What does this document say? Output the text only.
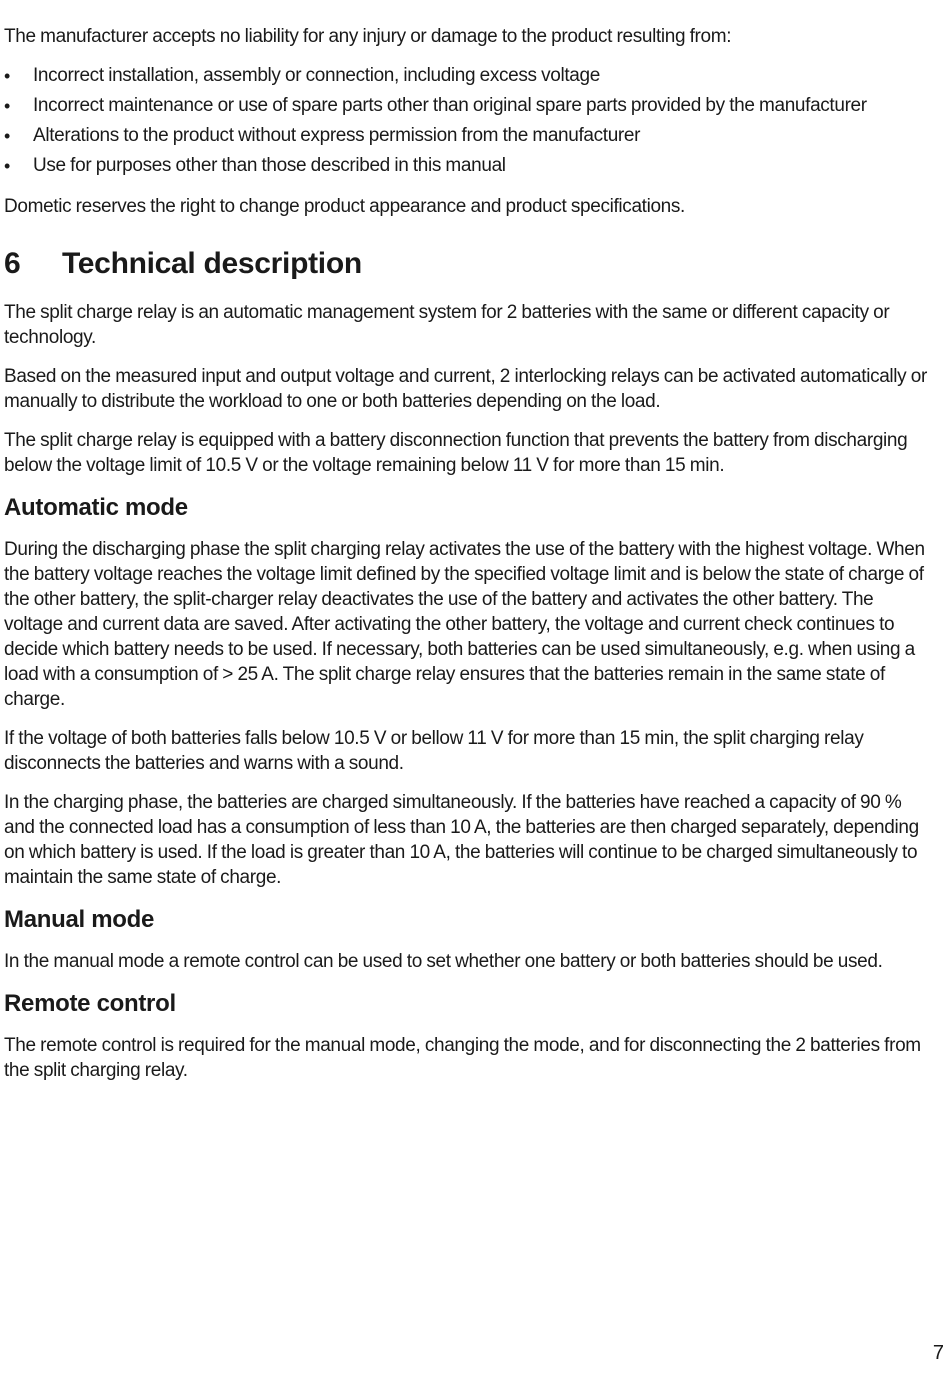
The manufacturer accepts no liability for any injury or damage to the product resulting from:

• Incorrect installation, assembly or connection, including excess voltage
• Incorrect maintenance or use of spare parts other than original spare parts provided by the manufacturer
• Alterations to the product without express permission from the manufacturer
• Use for purposes other than those described in this manual

Dometic reserves the right to change product appearance and product specifications.

6 Technical description

The split charge relay is an automatic management system for 2 batteries with the same or different capacity or technology.

Based on the measured input and output voltage and current, 2 interlocking relays can be activated automatically or manually to distribute the workload to one or both batteries depending on the load.

The split charge relay is equipped with a battery disconnection function that prevents the battery from discharging below the voltage limit of 10.5 V or the voltage remaining below 11 V for more than 15 min.

Automatic mode

During the discharging phase the split charging relay activates the use of the battery with the highest voltage. When the battery voltage reaches the voltage limit defined by the specified voltage limit and is below the state of charge of the other battery, the split-charger relay deactivates the use of the battery and activates the other battery. The voltage and current data are saved. After activating the other battery, the voltage and current check continues to decide which battery needs to be used. If necessary, both batteries can be used simultaneously, e.g. when using a load with a consumption of > 25 A. The split charge relay ensures that the batteries remain in the same state of charge.

If the voltage of both batteries falls below 10.5 V or bellow 11 V for more than 15 min, the split charging relay disconnects the batteries and warns with a sound.

In the charging phase, the batteries are charged simultaneously. If the batteries have reached a capacity of 90 % and the connected load has a consumption of less than 10 A, the batteries are then charged separately, depending on which battery is used. If the load is greater than 10 A, the batteries will continue to be charged simultaneously to maintain the same state of charge.

Manual mode

In the manual mode a remote control can be used to set whether one battery or both batteries should be used.

Remote control

The remote control is required for the manual mode, changing the mode, and for disconnecting the 2 batteries from the split charging relay.

7
